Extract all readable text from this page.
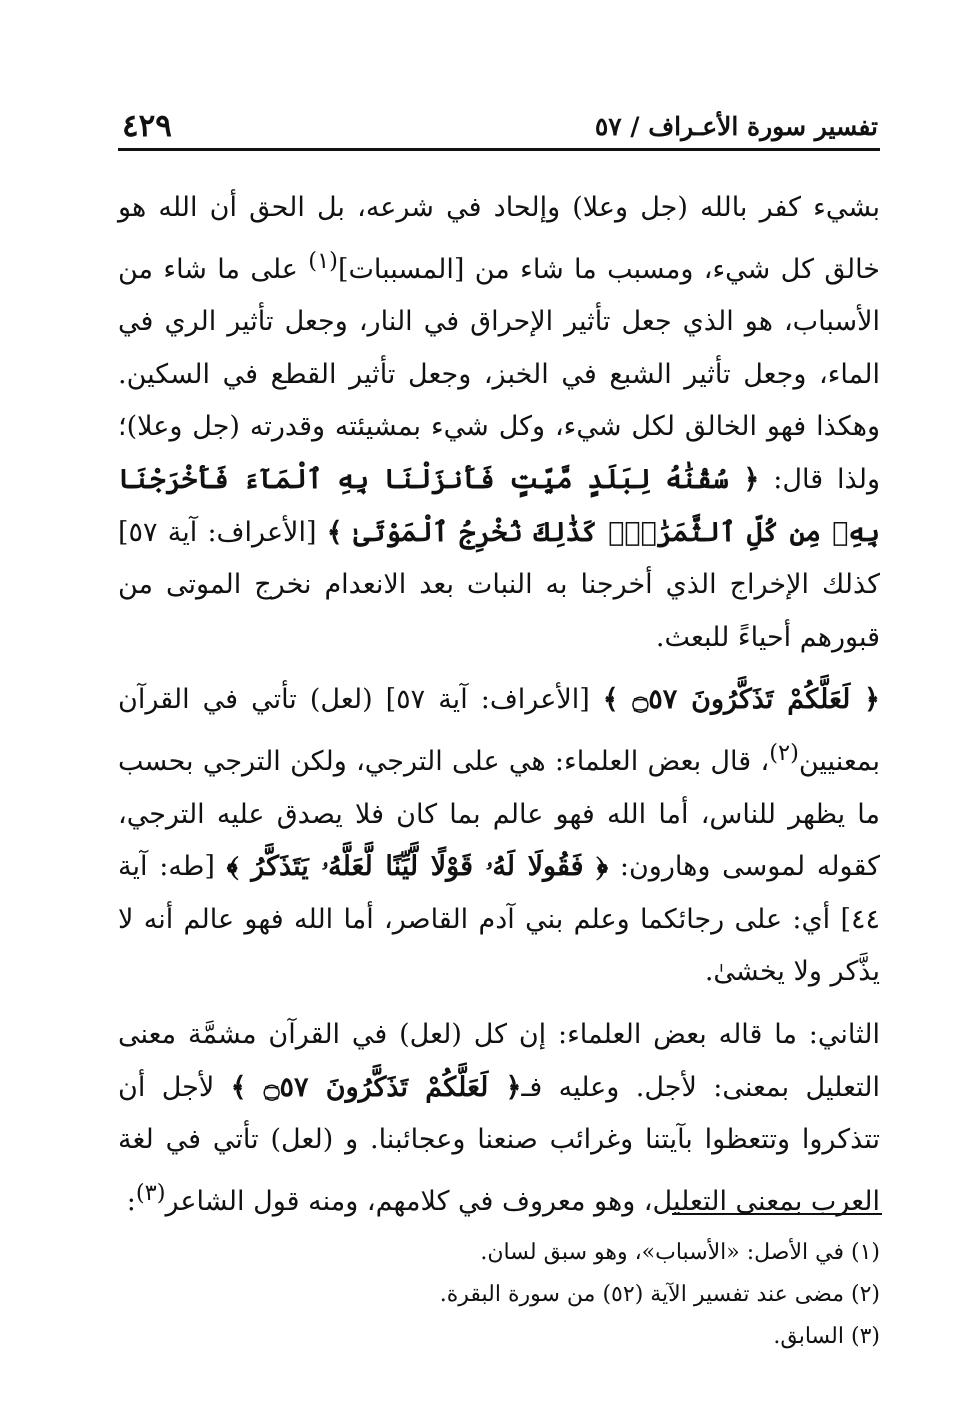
تفسير سورة الأعـراف / ٥٧
٤٢٩

بشيء كفر بالله (جل وعلا) وإلحاد في شرعه، بل الحق أن الله هو خالق كل شيء، ومسبب ما شاء من [المسببات]$^{(١)}$ على ما شاء من الأسباب، هو الذي جعل تأثير الإحراق في النار، وجعل تأثير الري في الماء، وجعل تأثير الشبع في الخبز، وجعل تأثير القطع في السكين. وهكذا فهو الخالق لكل شيء، وكل شيء بمشيئته وقدرته (جل وعلا)؛ ولذا قال: ﴿ سُقْنَٰهُ لِبَلَدٍ مَّيِّتٍ فَأَنزَلْنَا بِهِ ٱلْمَآءَ فَأَخْرَجْنَا بِهِۦ مِن كُلِّ ٱلثَّمَرَٰتِۚ كَذَٰلِكَ نُخْرِجُ ٱلْمَوْتَىٰ ﴾ [الأعراف: آية ٥٧] كذلك الإخراج الذي أخرجنا به النبات بعد الانعدام نخرج الموتى من قبورهم أحياءً للبعث.

﴿ لَعَلَّكُمْ تَذَكَّرُونَ ۝٥٧ ﴾ [الأعراف: آية ٥٧] (لعل) تأتي في القرآن بمعنيين$^{(٢)}$، قال بعض العلماء: هي على الترجي، ولكن الترجي بحسب ما يظهر للناس، أما الله فهو عالم بما كان فلا يصدق عليه الترجي، كقوله لموسى وهارون: ﴿ فَقُولَا لَهُۥ قَوْلًا لَّيِّنًا لَّعَلَّهُۥ يَتَذَكَّرُ ﴾ [طه: آية ٤٤] أي: على رجائكما وعلم بني آدم القاصر، أما الله فهو عالم أنه لا يذَّكر ولا يخشىٰ.

الثاني: ما قاله بعض العلماء: إن كل (لعل) في القرآن مشمَّة معنى التعليل بمعنى: لأجل. وعليه فـ﴿ لَعَلَّكُمْ تَذَكَّرُونَ ۝٥٧ ﴾ لأجل أن تتذكروا وتتعظوا بآيتنا وغرائب صنعنا وعجائبنا. و (لعل) تأتي في لغة العرب بمعنى التعليل، وهو معروف في كلامهم، ومنه قول الشاعر$^{(٣)}$:

(١) في الأصل: «الأسباب»، وهو سبق لسان.

(٢) مضى عند تفسير الآية (٥٢) من سورة البقرة.

(٣) السابق.
